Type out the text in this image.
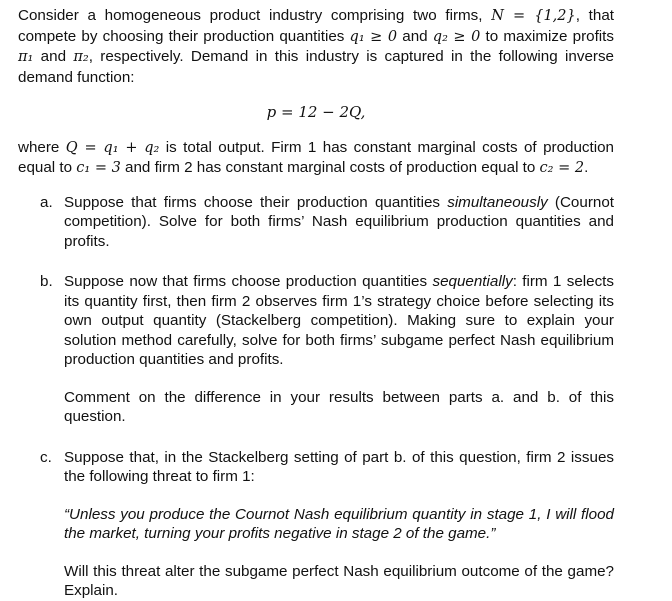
Consider a homogeneous product industry comprising two firms, N = {1,2}, that compete by choosing their production quantities q₁ ≥ 0 and q₂ ≥ 0 to maximize profits π₁ and π₂, respectively. Demand in this industry is captured in the following inverse demand function:

p = 12 − 2Q,

where Q = q₁ + q₂ is total output. Firm 1 has constant marginal costs of production equal to c₁ = 3 and firm 2 has constant marginal costs of production equal to c₂ = 2.

a. Suppose that firms choose their production quantities simultaneously (Cournot competition). Solve for both firms’ Nash equilibrium production quantities and profits.
b. Suppose now that firms choose production quantities sequentially: firm 1 selects its quantity first, then firm 2 observes firm 1’s strategy choice before selecting its own output quantity (Stackelberg competition). Making sure to explain your solution method carefully, solve for both firms’ subgame perfect Nash equilibrium production quantities and profits.
Comment on the difference in your results between parts a. and b. of this question.
c. Suppose that, in the Stackelberg setting of part b. of this question, firm 2 issues the following threat to firm 1:
“Unless you produce the Cournot Nash equilibrium quantity in stage 1, I will flood the market, turning your profits negative in stage 2 of the game.”
Will this threat alter the subgame perfect Nash equilibrium outcome of the game? Explain.
